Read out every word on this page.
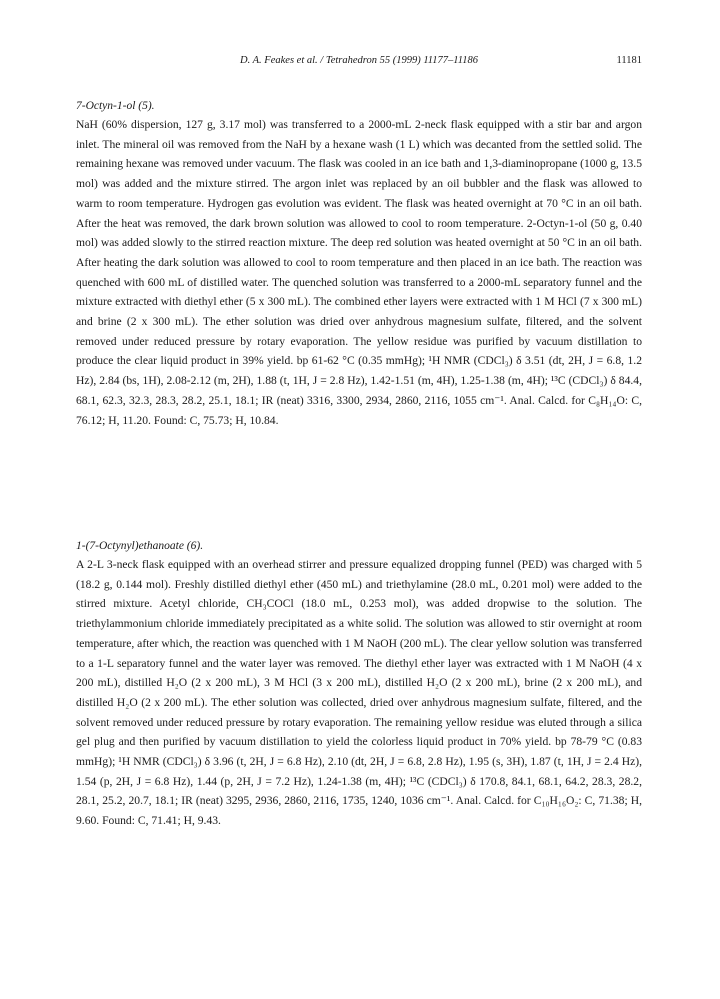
D. A. Feakes et al. / Tetrahedron 55 (1999) 11177–11186	11181
7-Octyn-1-ol (5).

NaH (60% dispersion, 127 g, 3.17 mol) was transferred to a 2000-mL 2-neck flask equipped with a stir bar and argon inlet. The mineral oil was removed from the NaH by a hexane wash (1 L) which was decanted from the settled solid. The remaining hexane was removed under vacuum. The flask was cooled in an ice bath and 1,3-diaminopropane (1000 g, 13.5 mol) was added and the mixture stirred. The argon inlet was replaced by an oil bubbler and the flask was allowed to warm to room temperature. Hydrogen gas evolution was evident. The flask was heated overnight at 70 °C in an oil bath. After the heat was removed, the dark brown solution was allowed to cool to room temperature. 2-Octyn-1-ol (50 g, 0.40 mol) was added slowly to the stirred reaction mixture. The deep red solution was heated overnight at 50 °C in an oil bath. After heating the dark solution was allowed to cool to room temperature and then placed in an ice bath. The reaction was quenched with 600 mL of distilled water. The quenched solution was transferred to a 2000-mL separatory funnel and the mixture extracted with diethyl ether (5 x 300 mL). The combined ether layers were extracted with 1 M HCl (7 x 300 mL) and brine (2 x 300 mL). The ether solution was dried over anhydrous magnesium sulfate, filtered, and the solvent removed under reduced pressure by rotary evaporation. The yellow residue was purified by vacuum distillation to produce the clear liquid product in 39% yield. bp 61-62 °C (0.35 mmHg); ¹H NMR (CDCl₃) δ 3.51 (dt, 2H, J = 6.8, 1.2 Hz), 2.84 (bs, 1H), 2.08-2.12 (m, 2H), 1.88 (t, 1H, J = 2.8 Hz), 1.42-1.51 (m, 4H), 1.25-1.38 (m, 4H); ¹³C (CDCl₃) δ 84.4, 68.1, 62.3, 32.3, 28.3, 28.2, 25.1, 18.1; IR (neat) 3316, 3300, 2934, 2860, 2116, 1055 cm⁻¹. Anal. Calcd. for C₈H₁₄O: C, 76.12; H, 11.20. Found: C, 75.73; H, 10.84.

1-(7-Octynyl)ethanoate (6).

A 2-L 3-neck flask equipped with an overhead stirrer and pressure equalized dropping funnel (PED) was charged with 5 (18.2 g, 0.144 mol). Freshly distilled diethyl ether (450 mL) and triethylamine (28.0 mL, 0.201 mol) were added to the stirred mixture. Acetyl chloride, CH₃COCl (18.0 mL, 0.253 mol), was added dropwise to the solution. The triethylammonium chloride immediately precipitated as a white solid. The solution was allowed to stir overnight at room temperature, after which, the reaction was quenched with 1 M NaOH (200 mL). The clear yellow solution was transferred to a 1-L separatory funnel and the water layer was removed. The diethyl ether layer was extracted with 1 M NaOH (4 x 200 mL), distilled H₂O (2 x 200 mL), 3 M HCl (3 x 200 mL), distilled H₂O (2 x 200 mL), brine (2 x 200 mL), and distilled H₂O (2 x 200 mL). The ether solution was collected, dried over anhydrous magnesium sulfate, filtered, and the solvent removed under reduced pressure by rotary evaporation. The remaining yellow residue was eluted through a silica gel plug and then purified by vacuum distillation to yield the colorless liquid product in 70% yield. bp 78-79 °C (0.83 mmHg); ¹H NMR (CDCl₃) δ 3.96 (t, 2H, J = 6.8 Hz), 2.10 (dt, 2H, J = 6.8, 2.8 Hz), 1.95 (s, 3H), 1.87 (t, 1H, J = 2.4 Hz), 1.54 (p, 2H, J = 6.8 Hz), 1.44 (p, 2H, J = 7.2 Hz), 1.24-1.38 (m, 4H); ¹³C (CDCl₃) δ 170.8, 84.1, 68.1, 64.2, 28.3, 28.2, 28.1, 25.2, 20.7, 18.1; IR (neat) 3295, 2936, 2860, 2116, 1735, 1240, 1036 cm⁻¹. Anal. Calcd. for C₁₀H₁₆O₂: C, 71.38; H, 9.60. Found: C, 71.41; H, 9.43.
